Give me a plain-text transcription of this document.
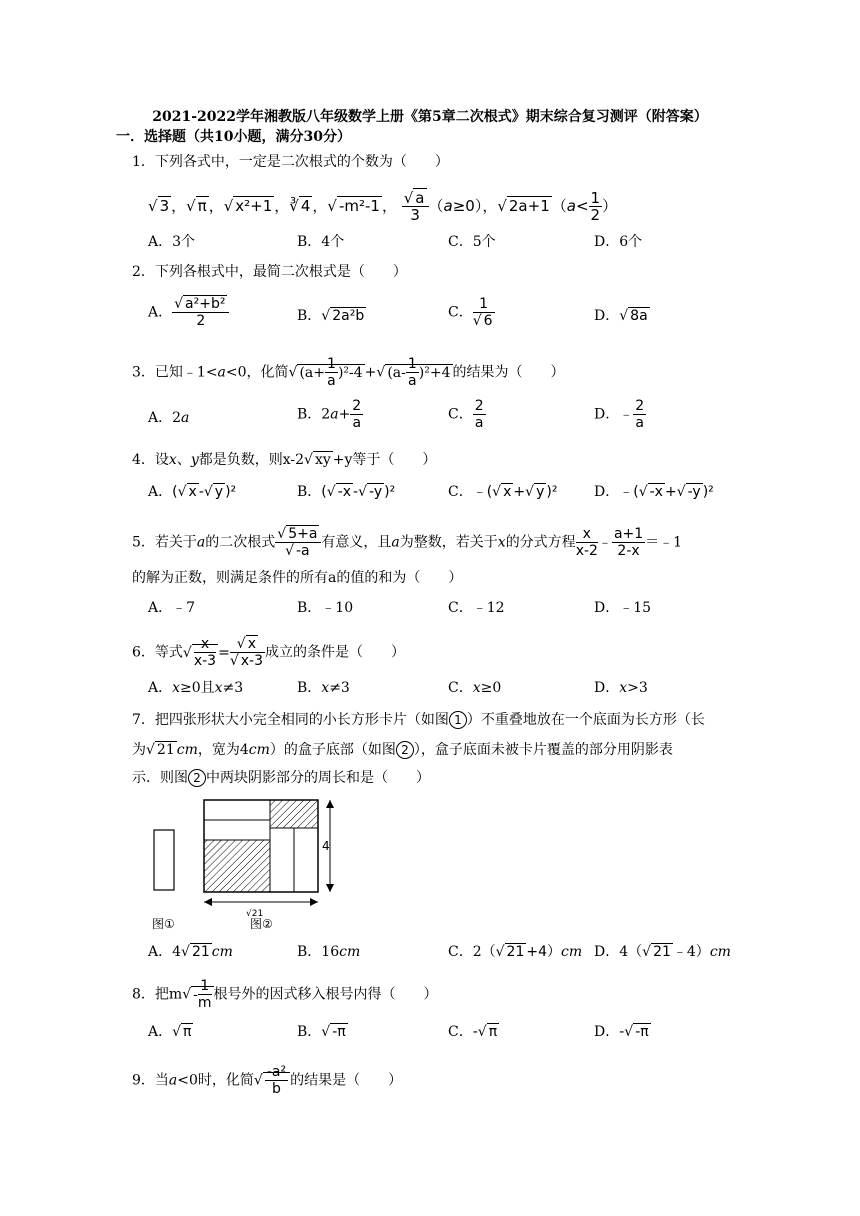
2021-2022学年湘教版八年级数学上册《第5章二次根式》期末综合复习测评（附答案）
一．选择题（共10小题，满分30分）
1．下列各式中，一定是二次根式的个数为（　　）
√ 3 ，√ π ，√ x²+1 ，∛ 4 ，√ -m²-1 ， $\frac{√ a}{3} (a\ge 0)$，√ 2a+1 （$a< \frac{1}{2}$ ）
A．3个	B．4个	C．5个	D．6个
2．下列各根式中，最简二次根式是（　　）
A． $\frac{\text{√ a²+b²}}{2}$	B．√ 2a²b	C． $\frac{1}{√ 6}$	D．√ 8a
3．已知﹣1<a<0，化简√ $(a+ \frac{1}{a} )^2-4$ +√ $(a- \frac{1}{a} )^2+4$ 的结果为（　　）
A．2a	B．$2a+ \frac{2}{a}$	C． $\frac{2}{a}$	D．﹣ $\frac{2}{a}$
4．设x、y都是负数，则x-2√ xy +y等于（　　）
A．(√ x -√ y )²	B．(√ -x -√ -y )²	C．﹣(√ x +√ y )²	D．﹣(√ -x +√ -y )²
5．若关于a的二次根式 $\frac{√ 5+a}{√ -a}$ 有意义，且a为整数，若关于x的分式方程 $\frac{x}{x-2}$ ﹣ $\frac{a+1}{2-x}$ ＝﹣1
的解为正数，则满足条件的所有a的值的和为（　　）
A．﹣7	B．﹣10	C．﹣12	D．﹣15
6．等式√ $\frac{x}{x-3} = \frac{√ x}{√ x-3}$ 成立的条件是（　　）
A．x≥0且x≠3	B．x≠3	C．x≥0	D．x>3
7．把四张形状大小完全相同的小长方形卡片（如图 1 ）不重叠地放在一个底面为长方形（长
为√ 21 cm，宽为4cm）的盒子底部（如图 2 ），盒子底面未被卡片覆盖的部分用阴影表
示．则图 2 中两块阴影部分的周长和是（　　）
4
√21
图①	图②
A．4√ 21 cm	B．16cm	C．2（√ 21 +4）cm D．4（√ 21 ﹣4）cm
8．把$m√ - \frac{1}{m}$ 根号外的因式移入根号内得（　　）
A．√ π	B．√ -π	C．-√ π	D．-√ -π
9．当a<0时，化简√ $\frac{\text{-a²}}{b}$ 的结果是（　　）
